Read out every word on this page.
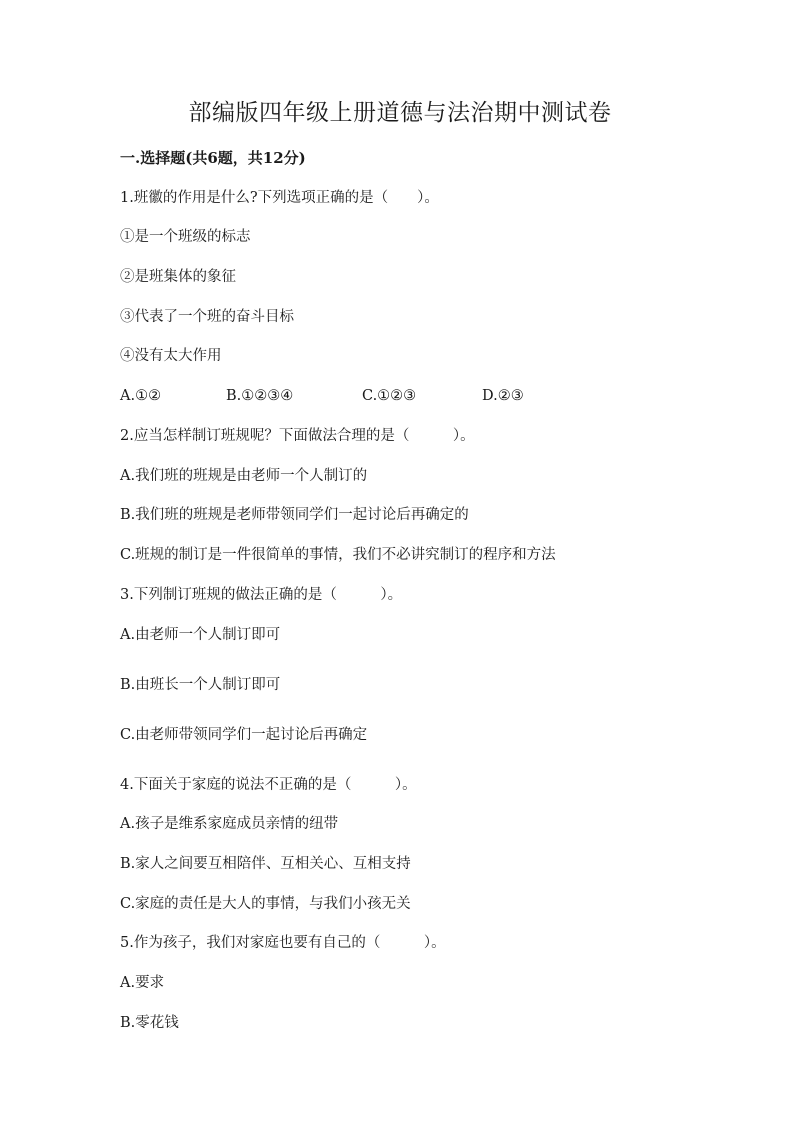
部编版四年级上册道德与法治期中测试卷
一.选择题(共6题，共12分)
1.班徽的作用是什么?下列选项正确的是（　　）。
①是一个班级的标志
②是班集体的象征
③代表了一个班的奋斗目标
④没有太大作用
A.①②	B.①②③④	C.①②③	D.②③
2.应当怎样制订班规呢？下面做法合理的是（　　　）。
A.我们班的班规是由老师一个人制订的
B.我们班的班规是老师带领同学们一起讨论后再确定的
C.班规的制订是一件很简单的事情，我们不必讲究制订的程序和方法
3.下列制订班规的做法正确的是（　　　）。
A.由老师一个人制订即可
B.由班长一个人制订即可
C.由老师带领同学们一起讨论后再确定
4.下面关于家庭的说法不正确的是（　　　）。
A.孩子是维系家庭成员亲情的纽带
B.家人之间要互相陪伴、互相关心、互相支持
C.家庭的责任是大人的事情，与我们小孩无关
5.作为孩子，我们对家庭也要有自己的（　　　）。
A.要求
B.零花钱
